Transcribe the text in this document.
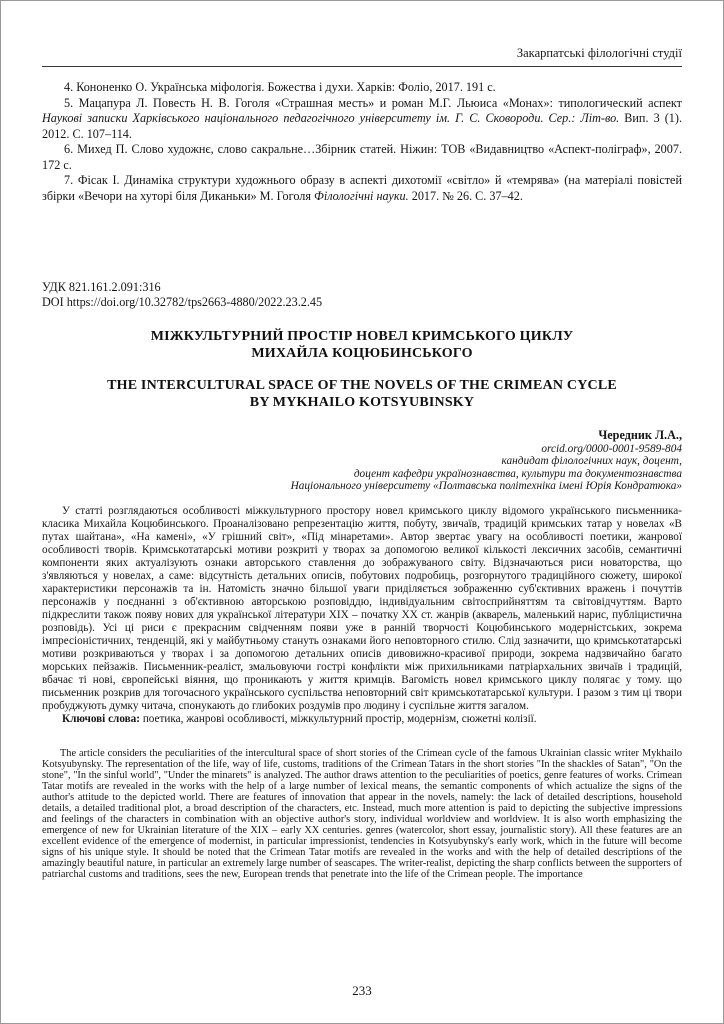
Закарпатські філологічні студії

4. Кононенко О. Українська міфологія. Божества і духи. Харків: Фоліо, 2017. 191 с.

5. Мацапура Л. Повесть Н. В. Гоголя «Страшная месть» и роман М.Г. Льюиса «Монах»: типологический аспект Наукові записки Харківського національного педагогічного університету ім. Г. С. Сковороди. Сер.: Літ-во. Вип. 3 (1). 2012. С. 107–114.

6. Михед П. Слово художнє, слово сакральне…Збірник статей. Ніжин: ТОВ «Видавництво «Аспект-поліграф», 2007. 172 с.

7. Фісак І. Динаміка структури художнього образу в аспекті дихотомії «світло» й «темрява» (на матеріалі повістей збірки «Вечори на хуторі біля Диканьки» М. Гоголя Філологічні науки. 2017. № 26. С. 37–42.

УДК 821.161.2.091:316

DOI https://doi.org/10.32782/tps2663-4880/2022.23.2.45

МІЖКУЛЬТУРНИЙ ПРОСТІР НОВЕЛ КРИМСЬКОГО ЦИКЛУ
МИХАЙЛА КОЦЮБИНСЬКОГО
THE INTERCULTURAL SPACE OF THE NOVELS OF THE CRIMEAN CYCLE
BY MYKHAILO KOTSYUBINSKY
Чередник Л.А.,
orcid.org/0000-0001-9589-804
кандидат філологічних наук, доцент,
доцент кафедри українознавства, культури та документознавства
Національного університету «Полтавська політехніка імені Юрія Кондратюка»

У статті розглядаються особливості міжкультурного простору новел кримського циклу відомого українського письменника-класика Михайла Коцюбинського. Проаналізовано репрезентацію життя, побуту, звичаїв, традицій кримських татар у новелах «В путах шайтана», «На камені», «У грішний світ», «Під мінаретами». Автор звертає увагу на особливості поетики, жанрової особливості творів. Кримськотатарські мотиви розкриті у творах за допомогою великої кількості лексичних засобів, семантичні компоненти яких актуалізують ознаки авторського ставлення до зображуваного світу. Відзначаються риси новаторства, що з'являються у новелах, а саме: відсутність детальних описів, побутових подробиць, розгорнутого традиційного сюжету, широкої характеристики персонажів та ін. Натомість значно більшої уваги приділяється зображенню суб'єктивних вражень і почуттів персонажів у поєднанні з об'єктивною авторською розповіддю, індивідуальним світосприйняттям та світовідчуттям. Варто підкреслити також появу нових для української літератури XIX – початку XX ст. жанрів (акварель, маленький нарис, публіцистична розповідь). Усі ці риси є прекрасним свідченням появи уже в ранній творчості Коцюбинського модерністських, зокрема імпресіоністичних, тенденцій, які у майбутньому стануть ознаками його неповторного стилю. Слід зазначити, що кримськотатарські мотиви розкриваються у творах і за допомогою детальних описів дивовижно-красивої природи, зокрема надзвичайно багато морських пейзажів. Письменник-реаліст, змальовуючи гострі конфлікти між прихильниками патріархальних звичаїв і традицій, вбачає ті нові, європейські віяння, що проникають у життя кримців. Вагомість новел кримського циклу полягає у тому. що письменник розкрив для тогочасного українського суспільства неповторний світ кримськотатарської культури. І разом з тим ці твори пробуджують думку читача, спонукають до глибоких роздумів про людину і суспільне життя загалом.

Ключові слова: поетика, жанрові особливості, міжкультурний простір, модернізм, сюжетні колізії.

The article considers the peculiarities of the intercultural space of short stories of the Crimean cycle of the famous Ukrainian classic writer Mykhailo Kotsyubynsky. The representation of the life, way of life, customs, traditions of the Crimean Tatars in the short stories "In the shackles of Satan", "On the stone", "In the sinful world", "Under the minarets" is analyzed. The author draws attention to the peculiarities of poetics, genre features of works. Crimean Tatar motifs are revealed in the works with the help of a large number of lexical means, the semantic components of which actualize the signs of the author's attitude to the depicted world. There are features of innovation that appear in the novels, namely: the lack of detailed descriptions, household details, a detailed traditional plot, a broad description of the characters, etc. Instead, much more attention is paid to depicting the subjective impressions and feelings of the characters in combination with an objective author's story, individual worldview and worldview. It is also worth emphasizing the emergence of new for Ukrainian literature of the XIX – early XX centuries. genres (watercolor, short essay, journalistic story). All these features are an excellent evidence of the emergence of modernist, in particular impressionist, tendencies in Kotsyubynsky's early work, which in the future will become signs of his unique style. It should be noted that the Crimean Tatar motifs are revealed in the works and with the help of detailed descriptions of the amazingly beautiful nature, in particular an extremely large number of seascapes. The writer-realist, depicting the sharp conflicts between the supporters of patriarchal customs and traditions, sees the new, European trends that penetrate into the life of the Crimean people. The importance

233
